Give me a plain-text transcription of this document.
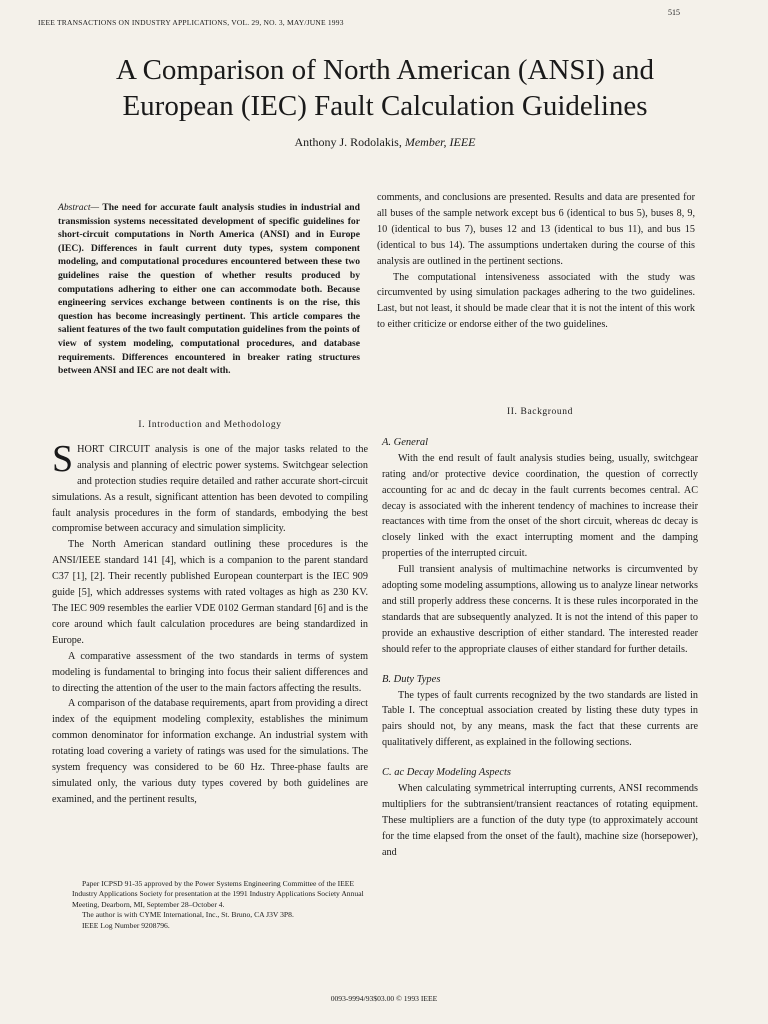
IEEE TRANSACTIONS ON INDUSTRY APPLICATIONS, VOL. 29, NO. 3, MAY/JUNE 1993
515
A Comparison of North American (ANSI) and
European (IEC) Fault Calculation Guidelines
Anthony J. Rodolakis, Member, IEEE
Abstract— The need for accurate fault analysis studies in industrial and transmission systems necessitated development of specific guidelines for short-circuit computations in North America (ANSI) and in Europe (IEC). Differences in fault current duty types, system component modeling, and computational procedures encountered between these two guidelines raise the question of whether results produced by computations adhering to either one can accommodate both. Because engineering services exchange between continents is on the rise, this question has become increasingly pertinent. This article compares the salient features of the two fault computation guidelines from the points of view of system modeling, computational procedures, and database requirements. Differences encountered in breaker rating structures between ANSI and IEC are not dealt with.

comments, and conclusions are presented. Results and data are presented for all buses of the sample network except bus 6 (identical to bus 5), buses 8, 9, 10 (identical to bus 7), buses 12 and 13 (identical to bus 11), and bus 15 (identical to bus 14). The assumptions undertaken during the course of this analysis are outlined in the pertinent sections.

The computational intensiveness associated with the study was circumvented by using simulation packages adhering to the two guidelines. Last, but not least, it should be made clear that it is not the intent of this work to either criticize or endorse either of the two guidelines.

I. Introduction and Methodology

SHORT CIRCUIT analysis is one of the major tasks related to the analysis and planning of electric power systems. Switchgear selection and protection studies require detailed and rather accurate short-circuit simulations. As a result, significant attention has been devoted to compiling fault analysis procedures in the form of standards, embodying the best compromise between accuracy and simulation simplicity.

The North American standard outlining these procedures is the ANSI/IEEE standard 141 [4], which is a companion to the parent standard C37 [1], [2]. Their recently published European counterpart is the IEC 909 guide [5], which addresses systems with rated voltages as high as 230 KV. The IEC 909 resembles the earlier VDE 0102 German standard [6] and is the core around which fault calculation procedures are being standardized in Europe.

A comparative assessment of the two standards in terms of system modeling is fundamental to bringing into focus their salient differences and to directing the attention of the user to the main factors affecting the results.

A comparison of the database requirements, apart from providing a direct index of the equipment modeling complexity, establishes the minimum common denominator for information exchange. An industrial system with rotating load covering a variety of ratings was used for the simulations. The system frequency was considered to be 60 Hz. Three-phase faults are simulated only, the various duty types covered by both guidelines are examined, and the pertinent results,

Paper ICPSD 91-35 approved by the Power Systems Engineering Committee of the IEEE Industry Applications Society for presentation at the 1991 Industry Applications Society Annual Meeting, Dearborn, MI, September 28–October 4.

The author is with CYME International, Inc., St. Bruno, CA J3V 3P8.

IEEE Log Number 9208796.

II. Background
A. General

With the end result of fault analysis studies being, usually, switchgear rating and/or protective device coordination, the question of correctly accounting for ac and dc decay in the fault currents becomes central. AC decay is associated with the inherent tendency of machines to increase their reactances with time from the onset of the short circuit, whereas dc decay is closely linked with the exact interrupting moment and the damping properties of the interrupted circuit.

Full transient analysis of multimachine networks is circumvented by adopting some modeling assumptions, allowing us to analyze linear networks and still properly address these concerns. It is these rules incorporated in the standards that are subsequently analyzed. It is not the intend of this paper to provide an exhaustive description of either standard. The interested reader should refer to the appropriate clauses of either standard for further details.

B. Duty Types

The types of fault currents recognized by the two standards are listed in Table I. The conceptual association created by listing these duty types in pairs should not, by any means, mask the fact that these currents are qualitatively different, as explained in the following sections.

C. ac Decay Modeling Aspects

When calculating symmetrical interrupting currents, ANSI recommends multipliers for the subtransient/transient reactances of rotating equipment. These multipliers are a function of the duty type (to approximately account for the time elapsed from the onset of the fault), machine size (horsepower), and

0093-9994/93$03.00 © 1993 IEEE
